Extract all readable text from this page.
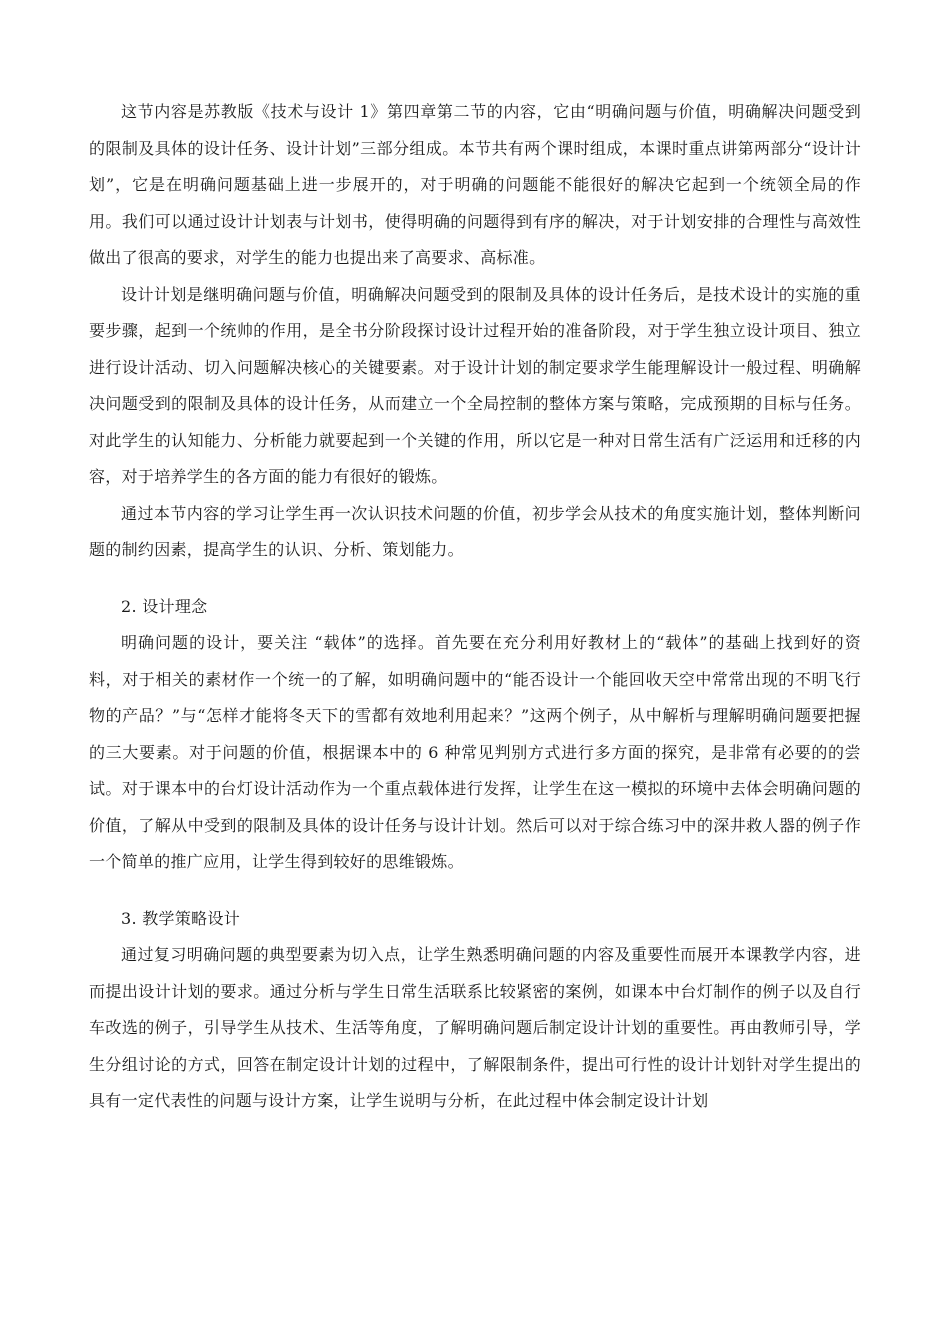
这节内容是苏教版《技术与设计 1》第四章第二节的内容，它由“明确问题与价值，明确解决问题受到的限制及具体的设计任务、设计计划”三部分组成。本节共有两个课时组成，本课时重点讲第两部分“设计计划”，它是在明确问题基础上进一步展开的，对于明确的问题能不能很好的解决它起到一个统领全局的作用。我们可以通过设计计划表与计划书，使得明确的问题得到有序的解决，对于计划安排的合理性与高效性做出了很高的要求，对学生的能力也提出来了高要求、高标准。

设计计划是继明确问题与价值，明确解决问题受到的限制及具体的设计任务后，是技术设计的实施的重要步骤，起到一个统帅的作用，是全书分阶段探讨设计过程开始的准备阶段，对于学生独立设计项目、独立进行设计活动、切入问题解决核心的关键要素。对于设计计划的制定要求学生能理解设计一般过程、明确解决问题受到的限制及具体的设计任务，从而建立一个全局控制的整体方案与策略，完成预期的目标与任务。对此学生的认知能力、分析能力就要起到一个关键的作用，所以它是一种对日常生活有广泛运用和迁移的内容，对于培养学生的各方面的能力有很好的锻炼。

通过本节内容的学习让学生再一次认识技术问题的价值，初步学会从技术的角度实施计划，整体判断问题的制约因素，提高学生的认识、分析、策划能力。

2. 设计理念

明确问题的设计，要关注 “载体”的选择。首先要在充分利用好教材上的“载体”的基础上找到好的资料，对于相关的素材作一个统一的了解，如明确问题中的“能否设计一个能回收天空中常常出现的不明飞行物的产品？”与“怎样才能将冬天下的雪都有效地利用起来？”这两个例子，从中解析与理解明确问题要把握的三大要素。对于问题的价值，根据课本中的 6 种常见判别方式进行多方面的探究，是非常有必要的的尝试。对于课本中的台灯设计活动作为一个重点载体进行发挥，让学生在这一模拟的环境中去体会明确问题的价值，了解从中受到的限制及具体的设计任务与设计计划。然后可以对于综合练习中的深井救人器的例子作一个简单的推广应用，让学生得到较好的思维锻炼。

3. 教学策略设计

通过复习明确问题的典型要素为切入点，让学生熟悉明确问题的内容及重要性而展开本课教学内容，进而提出设计计划的要求。通过分析与学生日常生活联系比较紧密的案例，如课本中台灯制作的例子以及自行车改选的例子，引导学生从技术、生活等角度，了解明确问题后制定设计计划的重要性。再由教师引导，学生分组讨论的方式，回答在制定设计计划的过程中，了解限制条件，提出可行性的设计计划针对学生提出的具有一定代表性的问题与设计方案，让学生说明与分析，在此过程中体会制定设计计划
